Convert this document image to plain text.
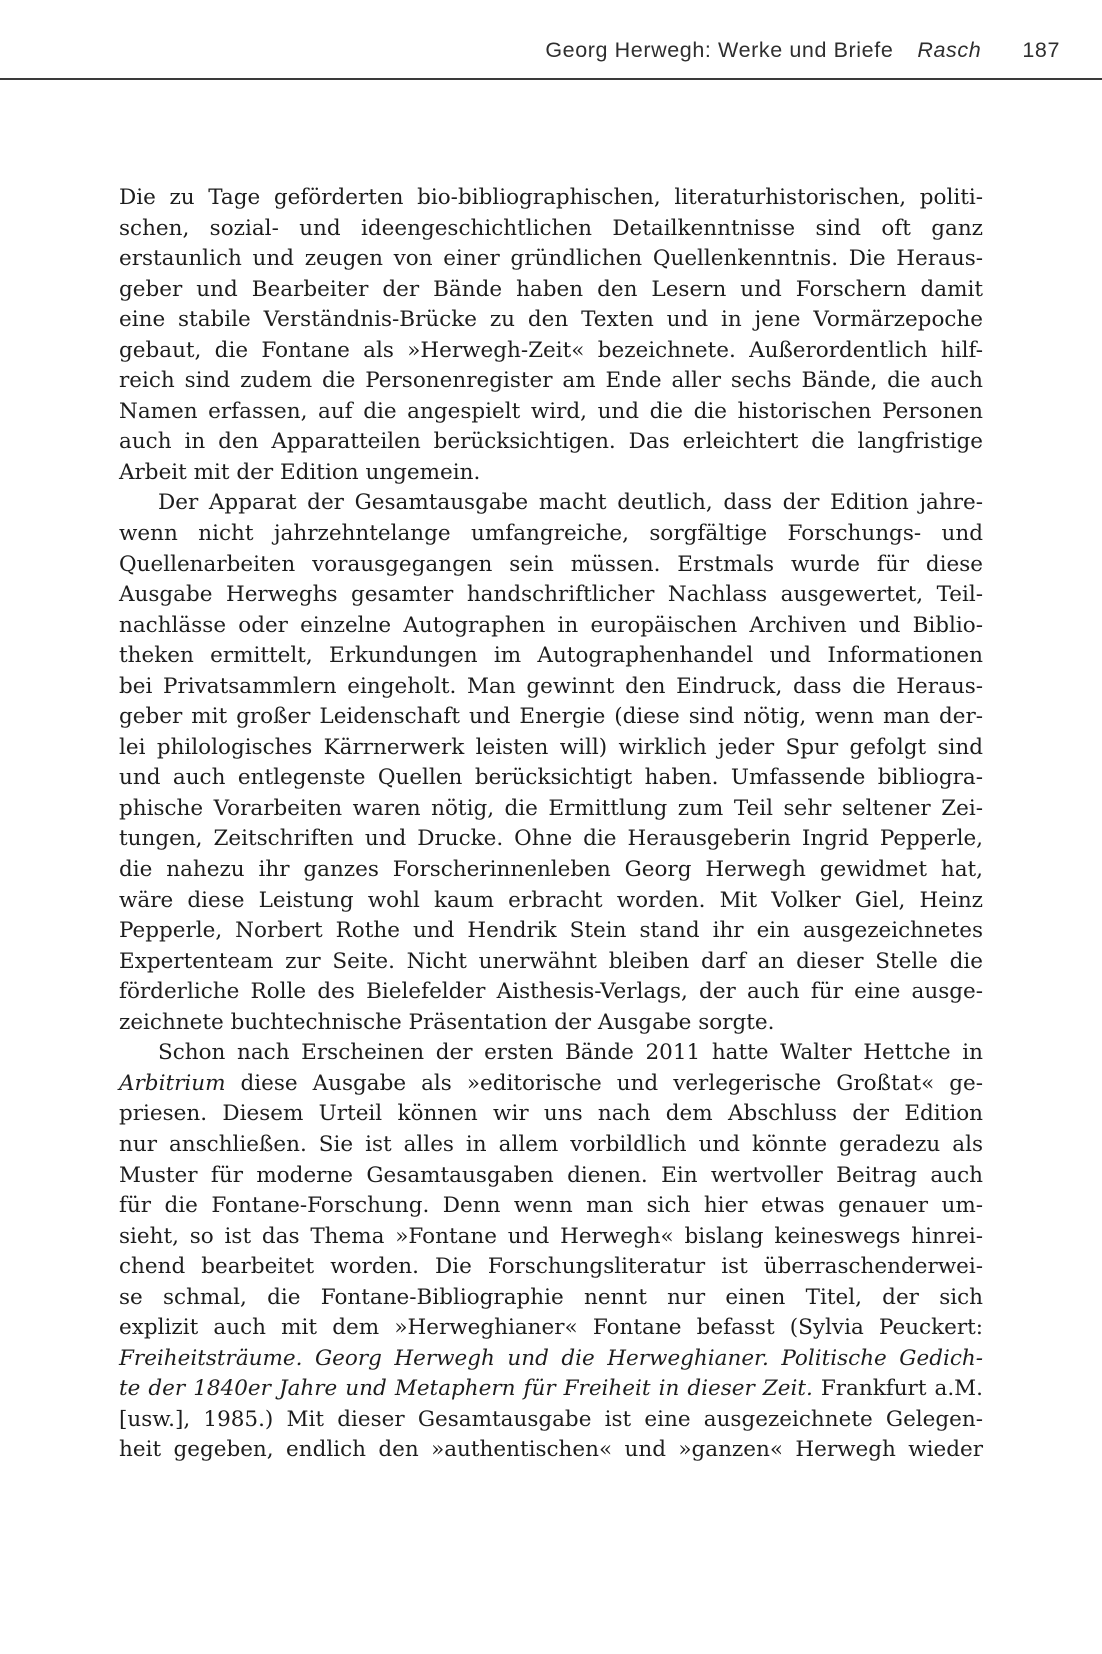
Georg Herwegh: Werke und Briefe Rasch 187
Die zu Tage geförderten bio-bibliographischen, literaturhistorischen, politi-
schen, sozial- und ideengeschichtlichen Detailkenntnisse sind oft ganz
erstaunlich und zeugen von einer gründlichen Quellenkenntnis. Die Heraus-
geber und Bearbeiter der Bände haben den Lesern und Forschern damit
eine stabile Verständnis-Brücke zu den Texten und in jene Vormärzepoche
gebaut, die Fontane als »Herwegh-Zeit« bezeichnete. Außerordentlich hilf-
reich sind zudem die Personenregister am Ende aller sechs Bände, die auch
Namen erfassen, auf die angespielt wird, und die die historischen Personen
auch in den Apparatteilen berücksichtigen. Das erleichtert die langfristige
Arbeit mit der Edition ungemein.
Der Apparat der Gesamtausgabe macht deutlich, dass der Edition jahre-
wenn nicht jahrzehntelange umfangreiche, sorgfältige Forschungs- und
Quellenarbeiten vorausgegangen sein müssen. Erstmals wurde für diese
Ausgabe Herweghs gesamter handschriftlicher Nachlass ausgewertet, Teil-
nachlässe oder einzelne Autographen in europäischen Archiven und Biblio-
theken ermittelt, Erkundungen im Autographenhandel und Informationen
bei Privatsammlern eingeholt. Man gewinnt den Eindruck, dass die Heraus-
geber mit großer Leidenschaft und Energie (diese sind nötig, wenn man der-
lei philologisches Kärrnerwerk leisten will) wirklich jeder Spur gefolgt sind
und auch entlegenste Quellen berücksichtigt haben. Umfassende bibliogra-
phische Vorarbeiten waren nötig, die Ermittlung zum Teil sehr seltener Zei-
tungen, Zeitschriften und Drucke. Ohne die Herausgeberin Ingrid Pepperle,
die nahezu ihr ganzes Forscherinnenleben Georg Herwegh gewidmet hat,
wäre diese Leistung wohl kaum erbracht worden. Mit Volker Giel, Heinz
Pepperle, Norbert Rothe und Hendrik Stein stand ihr ein ausgezeichnetes
Expertenteam zur Seite. Nicht unerwähnt bleiben darf an dieser Stelle die
förderliche Rolle des Bielefelder Aisthesis-Verlags, der auch für eine ausge-
zeichnete buchtechnische Präsentation der Ausgabe sorgte.
Schon nach Erscheinen der ersten Bände 2011 hatte Walter Hettche in
Arbitrium diese Ausgabe als »editorische und verlegerische Großtat« ge-
priesen. Diesem Urteil können wir uns nach dem Abschluss der Edition
nur anschließen. Sie ist alles in allem vorbildlich und könnte geradezu als
Muster für moderne Gesamtausgaben dienen. Ein wertvoller Beitrag auch
für die Fontane-Forschung. Denn wenn man sich hier etwas genauer um-
sieht, so ist das Thema »Fontane und Herwegh« bislang keineswegs hinrei-
chend bearbeitet worden. Die Forschungsliteratur ist überraschenderwei-
se schmal, die Fontane-Bibliographie nennt nur einen Titel, der sich
explizit auch mit dem »Herweghianer« Fontane befasst (Sylvia Peuckert:
Freiheitsträume. Georg Herwegh und die Herweghianer. Politische Gedich-
te der 1840er Jahre und Metaphern für Freiheit in dieser Zeit. Frankfurt a.M.
[usw.], 1985.) Mit dieser Gesamtausgabe ist eine ausgezeichnete Gelegen-
heit gegeben, endlich den »authentischen« und »ganzen« Herwegh wieder
